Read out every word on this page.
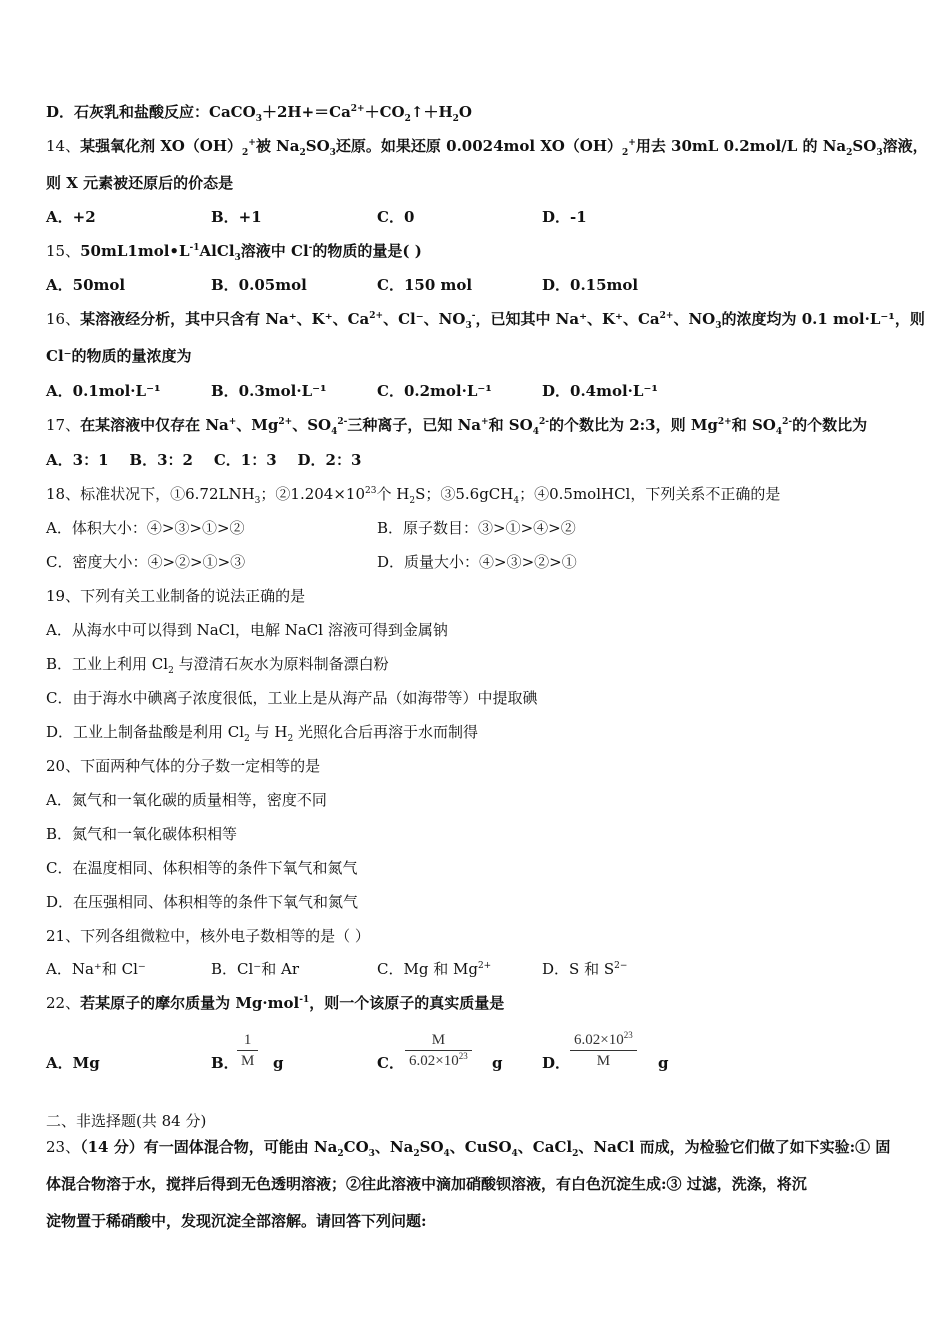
D．石灰乳和盐酸反应：$CaCO_3+2H+=Ca^{2+}+CO_2↑+H_2O$
14、某强氧化剂 $XO(OH)_2^+$被 $Na_2SO_3$还原。如果还原 0.0024mol $XO(OH)_2^+$用去 30mL 0.2mol/L 的 $Na_2SO_3$溶液，
则 X 元素被还原后的价态是
A．+2	B．+1	C．0	D．-1
15、$50mL1mol•L^{-1}AlCl_3$溶液中 Cl-的物质的量是( )
A．50mol	B．0.05mol	C．150 mol	D．0.15mol
16、某溶液经分析，其中只含有 Na⁺、K⁺、$Ca^{2+}$、Cl⁻、$NO_3^-$，已知其中 Na⁺、K⁺、$Ca^{2+}$、$NO_3$的浓度均为 0.1 mol·L⁻¹，则
Cl⁻的物质的量浓度为
A．0.1mol·L⁻¹	B．0.3mol·L⁻¹	C．0.2mol·L⁻¹	D．0.4mol·L⁻¹
17、在某溶液中仅存在 Na+、$Mg^{2+}$、$SO_4^{2-}$三种离子，已知 Na+和 $SO_4^{2-}$的个数比为 2:3，则 $Mg^{2+}$和 $SO_4^{2-}$的个数比为
A．3：1    B．3：2    C．1：3    D．2：3
18、标准状况下，$①6.72LNH_3$；$②1.204\times 10^{23}$个 $H_2S$；③5.6gCH$_4$；④0.5molHCl，下列关系不正确的是
A．体积大小：④>③>①>②	B．原子数目：③>①>④>②
C．密度大小：④>②>①>③	D．质量大小：④>③>②>①
19、下列有关工业制备的说法正确的是
A．从海水中可以得到 NaCl，电解 NaCl 溶液可得到金属钠
B．工业上利用 $Cl_2$ 与澄清石灰水为原料制备漂白粉
C．由于海水中碘离子浓度很低，工业上是从海产品（如海带等）中提取碘
D．工业上制备盐酸是利用 $Cl_2$ 与 $H_2$ 光照化合后再溶于水而制得
20、下面两种气体的分子数一定相等的是
A．氮气和一氧化碳的质量相等，密度不同
B．氮气和一氧化碳体积相等
C．在温度相同、体积相等的条件下氧气和氮气
D．在压强相同、体积相等的条件下氧气和氮气
21、下列各组微粒中，核外电子数相等的是（ ）
A．Na⁺和 Cl⁻	B．Cl⁻和 Ar	C．Mg 和 $Mg^{2+}$	D．S 和 $S^{2-}$
22、若某原子的摩尔质量为 Mg·mol$^{-1}$，则一个该原子的真实质量是
A．Mg	B．
$\frac{1}{M}$ g	C． $\frac{M}{6.02\times 10^{23}}$ g	D． $\frac{6.02\times 10^{23}}{M}$ g
二、非选择题(共 84 分)
23、（14 分）有一固体混合物，可能由 $Na_2CO_3$、$Na_2SO_4$、CuSO$_4$、CaCl$_2$、NaCl 而成，为检验它们做了如下实验:① 固
体混合物溶于水，搅拌后得到无色透明溶液；②往此溶液中滴加硝酸钡溶液，有白色沉淀生成:③ 过滤，洗涤，将沉
淀物置于稀硝酸中，发现沉淀全部溶解。请回答下列问题:
